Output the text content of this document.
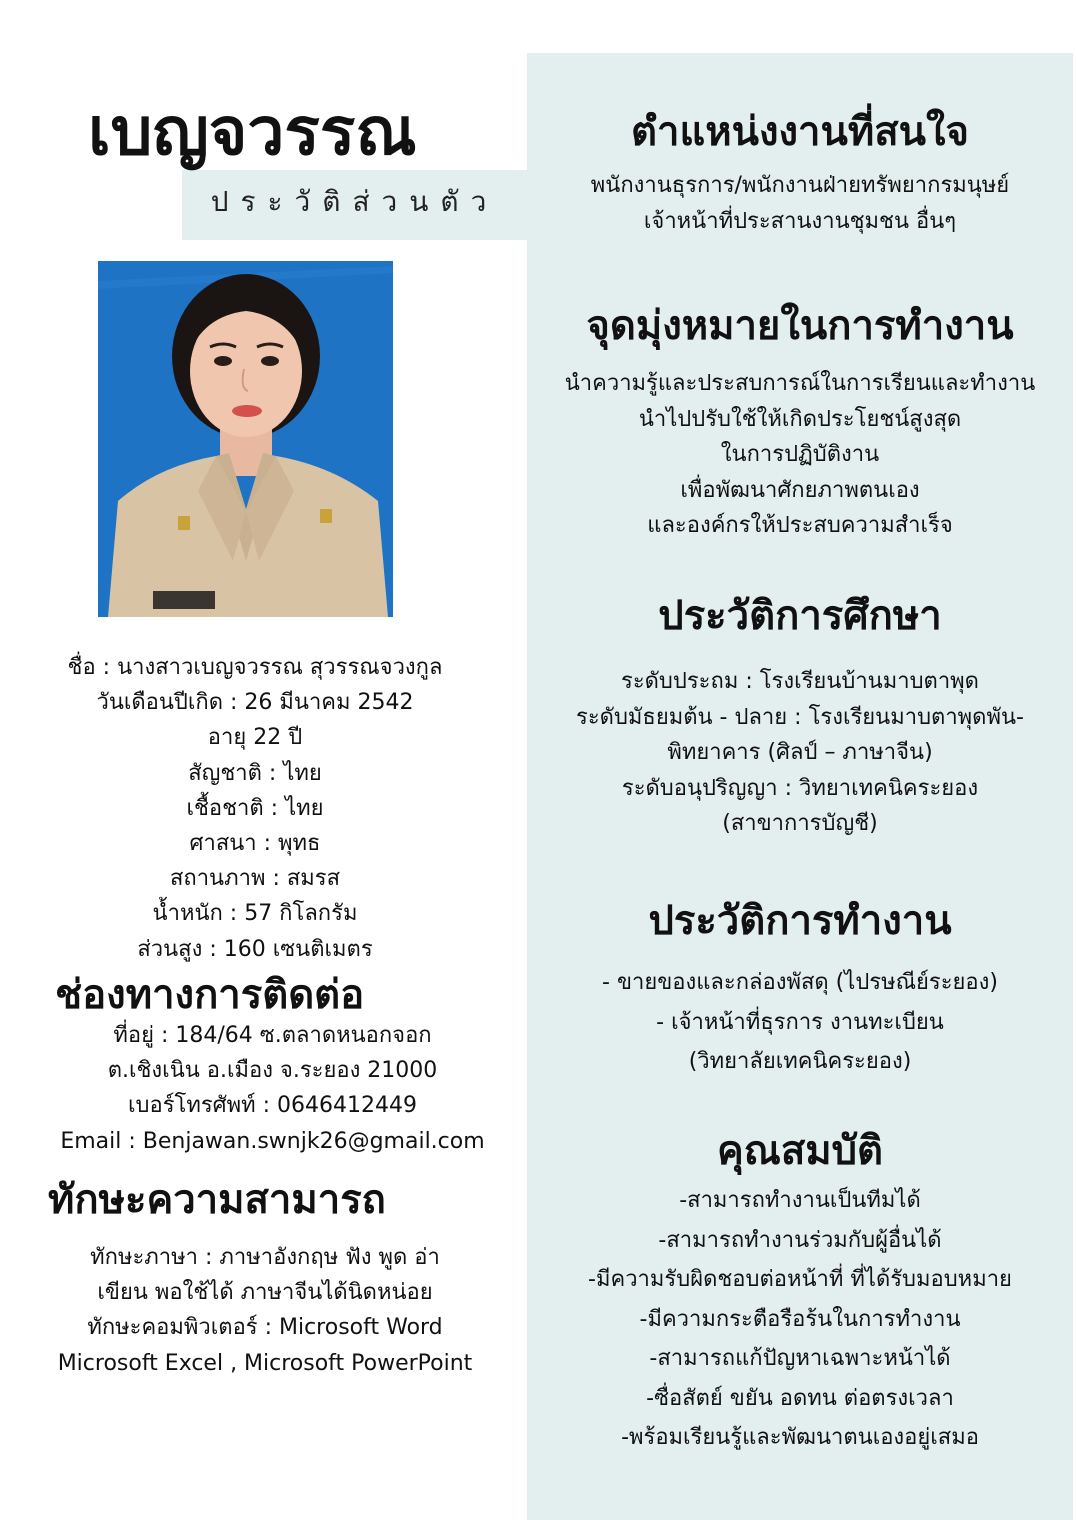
เบญจวรรณ
ประวัติส่วนตัว
ชื่อ : นางสาวเบญจวรรณ สุวรรณจวงกูล
วันเดือนปีเกิด : 26 มีนาคม 2542
อายุ 22 ปี
สัญชาติ : ไทย
เชื้อชาติ : ไทย
ศาสนา : พุทธ
สถานภาพ : สมรส
น้ำหนัก : 57 กิโลกรัม
ส่วนสูง : 160 เซนติเมตร
ช่องทางการติดต่อ
ที่อยู่ : 184/64 ซ.ตลาดหนอกจอก
ต.เชิงเนิน อ.เมือง จ.ระยอง 21000
เบอร์โทรศัพท์ : 0646412449
Email : Benjawan.swnjk26@gmail.com
ทักษะความสามารถ
ทักษะภาษา : ภาษาอังกฤษ ฟัง พูด อ่า
เขียน พอใช้ได้ ภาษาจีนได้นิดหน่อย
ทักษะคอมพิวเตอร์ : Microsoft Word
Microsoft Excel , Microsoft PowerPoint
ตำแหน่งงานที่สนใจ
พนักงานธุรการ/พนักงานฝ่ายทรัพยากรมนุษย์
เจ้าหน้าที่ประสานงานชุมชน อื่นๆ
จุดมุ่งหมายในการทำงาน
นำความรู้และประสบการณ์ในการเรียนและทำงาน
นำไปปรับใช้ให้เกิดประโยชน์สูงสุด
ในการปฏิบัติงาน
เพื่อพัฒนาศักยภาพตนเอง
และองค์กรให้ประสบความสำเร็จ
ประวัติการศึกษา
ระดับประถม : โรงเรียนบ้านมาบตาพุด
ระดับมัธยมต้น - ปลาย : โรงเรียนมาบตาพุดพัน-
พิทยาคาร (ศิลป์ – ภาษาจีน)
ระดับอนุปริญญา : วิทยาเทคนิคระยอง
(สาขาการบัญชี)
ประวัติการทำงาน
- ขายของและกล่องพัสดุ (ไปรษณีย์ระยอง)
- เจ้าหน้าที่ธุรการ งานทะเบียน
(วิทยาลัยเทคนิคระยอง)
คุณสมบัติ
-สามารถทำงานเป็นทีมได้
-สามารถทำงานร่วมกับผู้อื่นได้
-มีความรับผิดชอบต่อหน้าที่ ที่ได้รับมอบหมาย
-มีความกระตือรือร้นในการทำงาน
-สามารถแก้ปัญหาเฉพาะหน้าได้
-ซื่อสัตย์ ขยัน อดทน ต่อตรงเวลา
-พร้อมเรียนรู้และพัฒนาตนเองอยู่เสมอ
